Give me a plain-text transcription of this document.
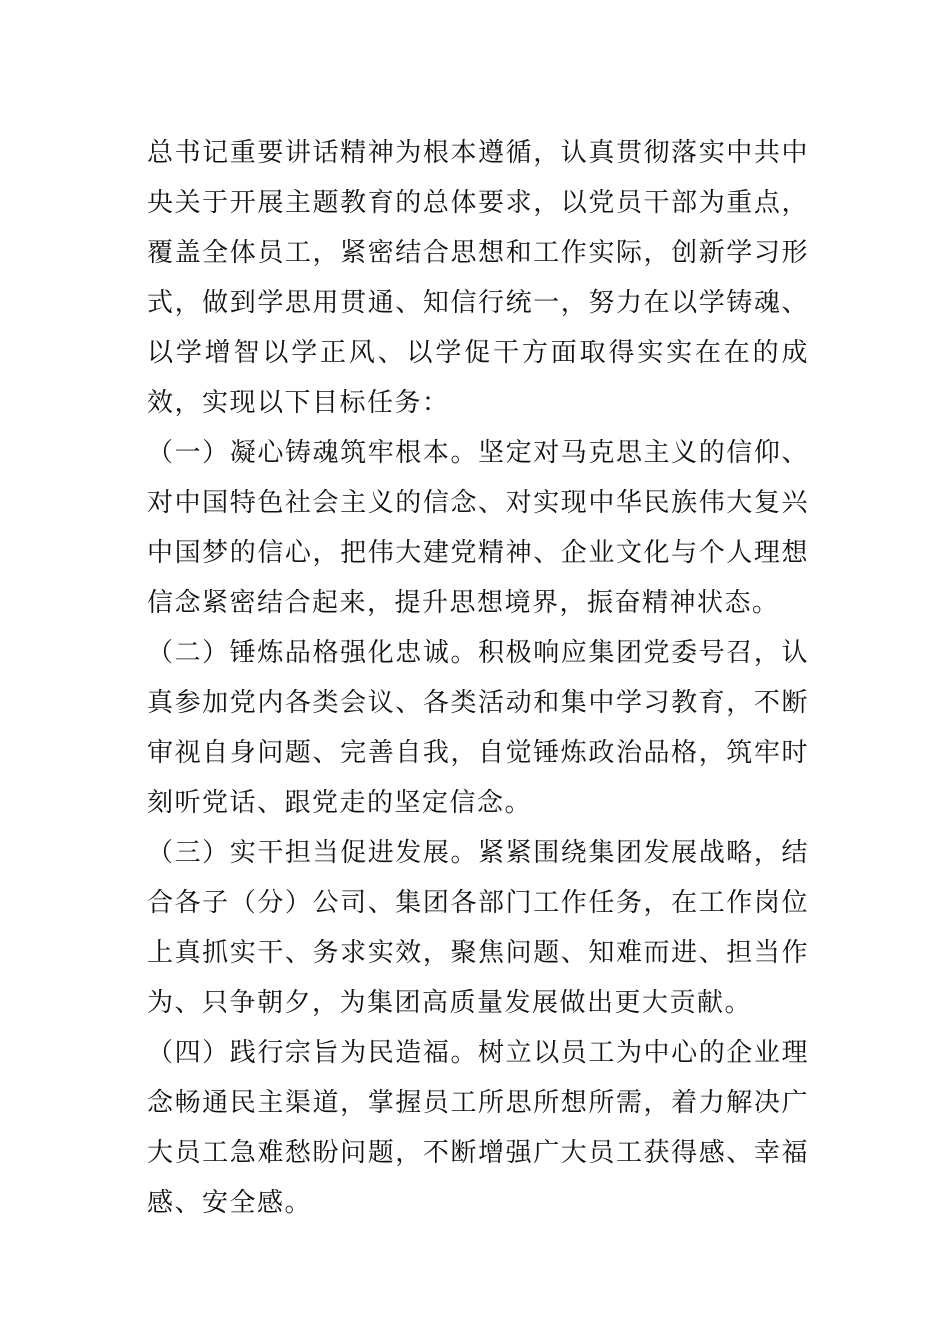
总书记重要讲话精神为根本遵循，认真贯彻落实中共中央关于开展主题教育的总体要求，以党员干部为重点，覆盖全体员工，紧密结合思想和工作实际，创新学习形式，做到学思用贯通、知信行统一，努力在以学铸魂、以学增智以学正风、以学促干方面取得实实在在的成效，实现以下目标任务：

（一）凝心铸魂筑牢根本。坚定对马克思主义的信仰、对中国特色社会主义的信念、对实现中华民族伟大复兴中国梦的信心，把伟大建党精神、企业文化与个人理想信念紧密结合起来，提升思想境界，振奋精神状态。

（二）锤炼品格强化忠诚。积极响应集团党委号召，认真参加党内各类会议、各类活动和集中学习教育，不断审视自身问题、完善自我，自觉锤炼政治品格，筑牢时刻听党话、跟党走的坚定信念。

（三）实干担当促进发展。紧紧围绕集团发展战略，结合各子（分）公司、集团各部门工作任务，在工作岗位上真抓实干、务求实效，聚焦问题、知难而进、担当作为、只争朝夕，为集团高质量发展做出更大贡献。

（四）践行宗旨为民造福。树立以员工为中心的企业理念畅通民主渠道，掌握员工所思所想所需，着力解决广大员工急难愁盼问题，不断增强广大员工获得感、幸福感、安全感。
